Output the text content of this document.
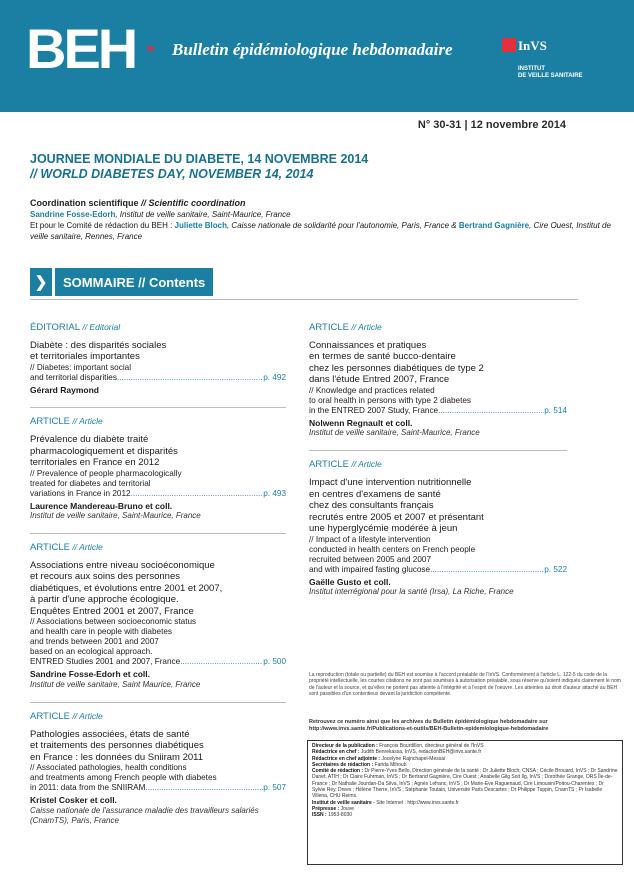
BEH ››› Bulletin épidémiologique hebdomadaire	InVS
INSTITUT
DE VEILLE SANITAIRE
N° 30-31 | 12 novembre 2014
JOURNEE MONDIALE DU DIABETE, 14 NOVEMBRE 2014
// WORLD DIABETES DAY, NOVEMBER 14, 2014
Coordination scientifique // Scientific coordination
Sandrine Fosse-Edorh, Institut de veille sanitaire, Saint-Maurice, France
Et pour le Comité de rédaction du BEH : Juliette Bloch, Caisse nationale de solidarité pour l'autonomie, Paris, France & Bertrand Gagnière, Cire Ouest, Institut de veille sanitaire, Rennes, France
❯	SOMMAIRE // Contents
ÉDITORIAL // Editorial
Diabète : des disparités sociales
et territoriales importantes
// Diabetes: important social
and territorial disparities .....	p. 492
Gérard Raymond
ARTICLE // Article
Prévalence du diabète traité
pharmacologiquement et disparités
territoriales en France en 2012
// Prevalence of people pharmacologically
treated for diabetes and territorial
variations in France in 2012 .....	p. 493
Laurence Mandereau-Bruno et coll.
Institut de veille sanitaire, Saint-Maurice, France
ARTICLE // Article
Associations entre niveau socioéconomique
et recours aux soins des personnes
diabétiques, et évolutions entre 2001 et 2007,
à partir d'une approche écologique.
Enquêtes Entred 2001 et 2007, France
// Associations between socioeconomic status
and health care in people with diabetes
and trends between 2001 and 2007
based on an ecological approach.
ENTRED Studies 2001 and 2007, France .....	p. 500
Sandrine Fosse-Edorh et coll.
Institut de veille sanitaire, Saint Maurice, France
ARTICLE // Article
Pathologies associées, états de santé
et traitements des personnes diabétiques
en France : les données du Sniiram 2011
// Associated pathologies, health conditions
and treatments among French people with diabetes
in 2011: data from the SNIIRAM .....	p. 507
Kristel Cosker et coll.
Caisse nationale de l'assurance maladie des travailleurs salariés (CnamTS), Paris, France
ARTICLE // Article
Connaissances et pratiques
en termes de santé bucco-dentaire
chez les personnes diabétiques de type 2
dans l'étude Entred 2007, France
// Knowledge and practices related
to oral health in persons with type 2 diabetes
in the ENTRED 2007 Study, France .....	p. 514
Nolwenn Regnault et coll.
Institut de veille sanitaire, Saint-Maurice, France
ARTICLE // Article
Impact d'une intervention nutritionnelle
en centres d'examens de santé
chez des consultants français
recrutés entre 2005 et 2007 et présentant
une hyperglycémie modérée à jeun
// Impact of a lifestyle intervention
conducted in health centers on French people
recruited between 2005 and 2007
and with impaired fasting glucose .....	p. 522
Gaëlle Gusto et coll.
Institut interrégional pour la santé (Irsa), La Riche, France
La reproduction (totale ou partielle) du BEH est soumise à l'accord préalable de l'InVS. Conformément à l'article L. 122-5 du code de la propriété intellectuelle, les courtes citations ne sont pas soumises à autorisation préalable, sous réserve qu'soient indiqués clairement le nom de l'auteur et la source, et qu'elles ne portent pas atteinte à l'intégrité et à l'esprit de l'oeuvre. Les atteintes au droit d'auteur attaché au BEH sont passibles d'un contentieux devant la juridiction compétente.
Retrouvez ce numéro ainsi que les archives du Bulletin épidémiologique hebdomadaire sur http://www.invs.sante.fr/Publications-et-outils/BEH-Bulletin-epidemiologique-hebdomadaire
Directeur de la publication : François Bourdillon, directeur général de l'InVS
Rédactrice en chef : Judith Benrekassa, InVS, redactionBEH@invs.sante.fr
Rédactrice en chef adjointe : Jocelyne Rajnchapel-Messaï
Secrétaires de rédaction : Farida Mihoub
Comité de rédaction : Dr Pierre-Yves Bello, Direction générale de la santé ; Dr Juliette Bloch, CNSA ; Cécile Brouard, InVS ; Dr Sandrine Danet, ATIH ; Dr Claire Fuhrman, InVS ; Dr Bertrand Gagnière, Cire Ouest ; Anabelle Gilg Soit Ilg, InVS ; Dorothée Grange, ORS Île-de-France ; Dr Nathalie Jourdan-Da Silva, InVS ; Agnès Lefranc, InVS ; Dr Marie-Eve Raguenaud, Cire Limousin/Poitou-Charentes ; Dr Sylvie Rey, Drees ; Hélène Therre, InVS ; Stéphanie Toutain, Université Paris Descartes ; Dr Philippe Tuppin, CnamTS ; Pr Isabelle Villena, CHU Reims.
Institut de veille sanitaire - Site Internet : http://www.invs.sante.fr
Prépresse : Jouve
ISSN : 1953-8030
